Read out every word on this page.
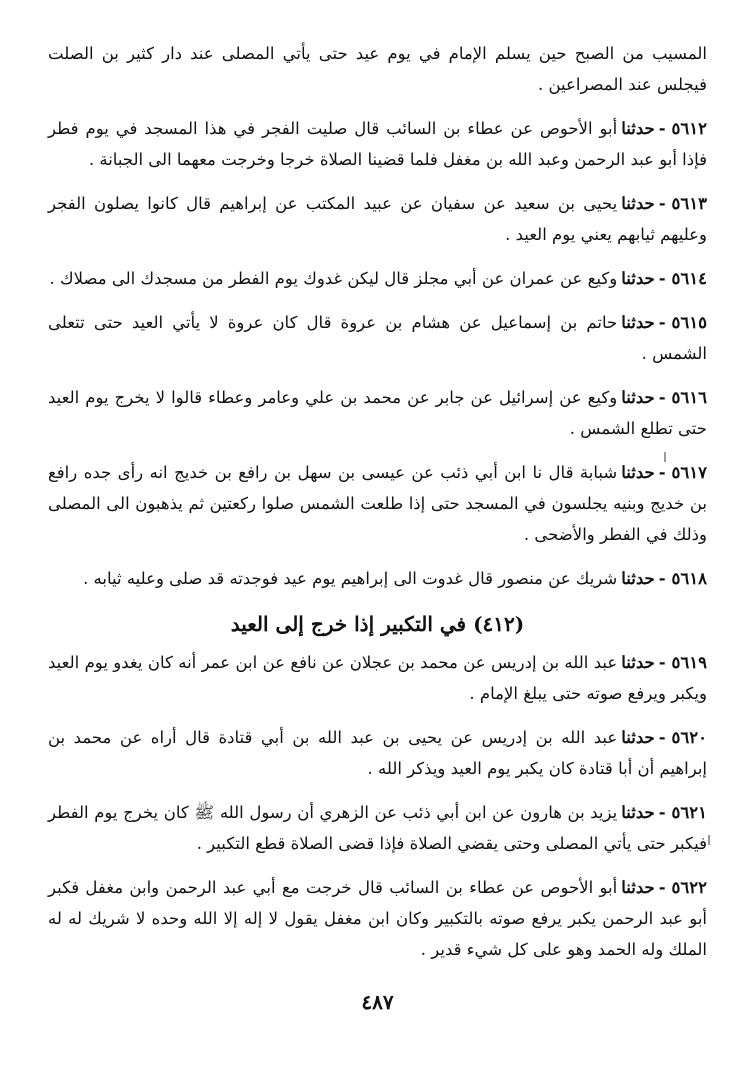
المسيب من الصبح حين يسلم الإمام في يوم عيد حتى يأتي المصلى عند دار كثير بن الصلت فيجلس عند المصراعين .

٥٦١٢-حدثناأبو الأحوص عن عطاء بن السائب قال صليت الفجر في هذا المسجد في يوم فطر فإذا أبو عبد الرحمن وعبد الله بن مغفل فلما قضينا الصلاة خرجا وخرجت معهما الى الجبانة .

٥٦١٣-حدثنايحيى بن سعيد عن سفيان عن عبيد المكتب عن إبراهيم قال كانوا يصلون الفجر وعليهم ثيابهم يعني يوم العيد .

٥٦١٤-حدثناوكيع عن عمران عن أبي مجلز قال ليكن غدوك يوم الفطر من مسجدك الى مصلاك .

٥٦١٥-حدثناحاتم بن إسماعيل عن هشام بن عروة قال كان عروة لا يأتي العيد حتى تتعلى الشمس .

٥٦١٦-حدثناوكيع عن إسرائيل عن جابر عن محمد بن علي وعامر وعطاء قالوا لا يخرج يوم العيد حتى تطلع الشمس .

٥٦١٧-حدثناشبابة قال نا ابن أبي ذئب عن عيسى بن سهل بن رافع بن خديج انه رأى جده رافع بن خديج وبنيه يجلسون في المسجد حتى إذا طلعت الشمس صلوا ركعتين ثم يذهبون الى المصلى وذلك في الفطر والأضحى .

٥٦١٨-حدثناشريك عن منصور قال غدوت الى إبراهيم يوم عيد فوجدته قد صلى وعليه ثيابه .

(٤١٢) في التكبير إذا خرج إلى العيد

٥٦١٩-حدثناعبد الله بن إدريس عن محمد بن عجلان عن نافع عن ابن عمر أنه كان يغدو يوم العيد ويكبر ويرفع صوته حتى يبلغ الإمام .

٥٦٢٠-حدثناعبد الله بن إدريس عن يحيى بن عبد الله بن أبي قتادة قال أراه عن محمد بن إبراهيم أن أبا قتادة كان يكبر يوم العيد ويذكر الله .

٥٦٢١-حدثنايزيد بن هارون عن ابن أبي ذئب عن الزهري أن رسول الله ﷺ كان يخرج يوم الفطر فيكبر حتى يأتي المصلى وحتى يقضي الصلاة فإذا قضى الصلاة قطع التكبير .

٥٦٢٢-حدثناأبو الأحوص عن عطاء بن السائب قال خرجت مع أبي عبد الرحمن وابن مغفل فكبر أبو عبد الرحمن يكبر يرفع صوته بالتكبير وكان ابن مغفل يقول لا إله إلا الله وحده لا شريك له له الملك وله الحمد وهو على كل شيء قدير .

٤٨٧
